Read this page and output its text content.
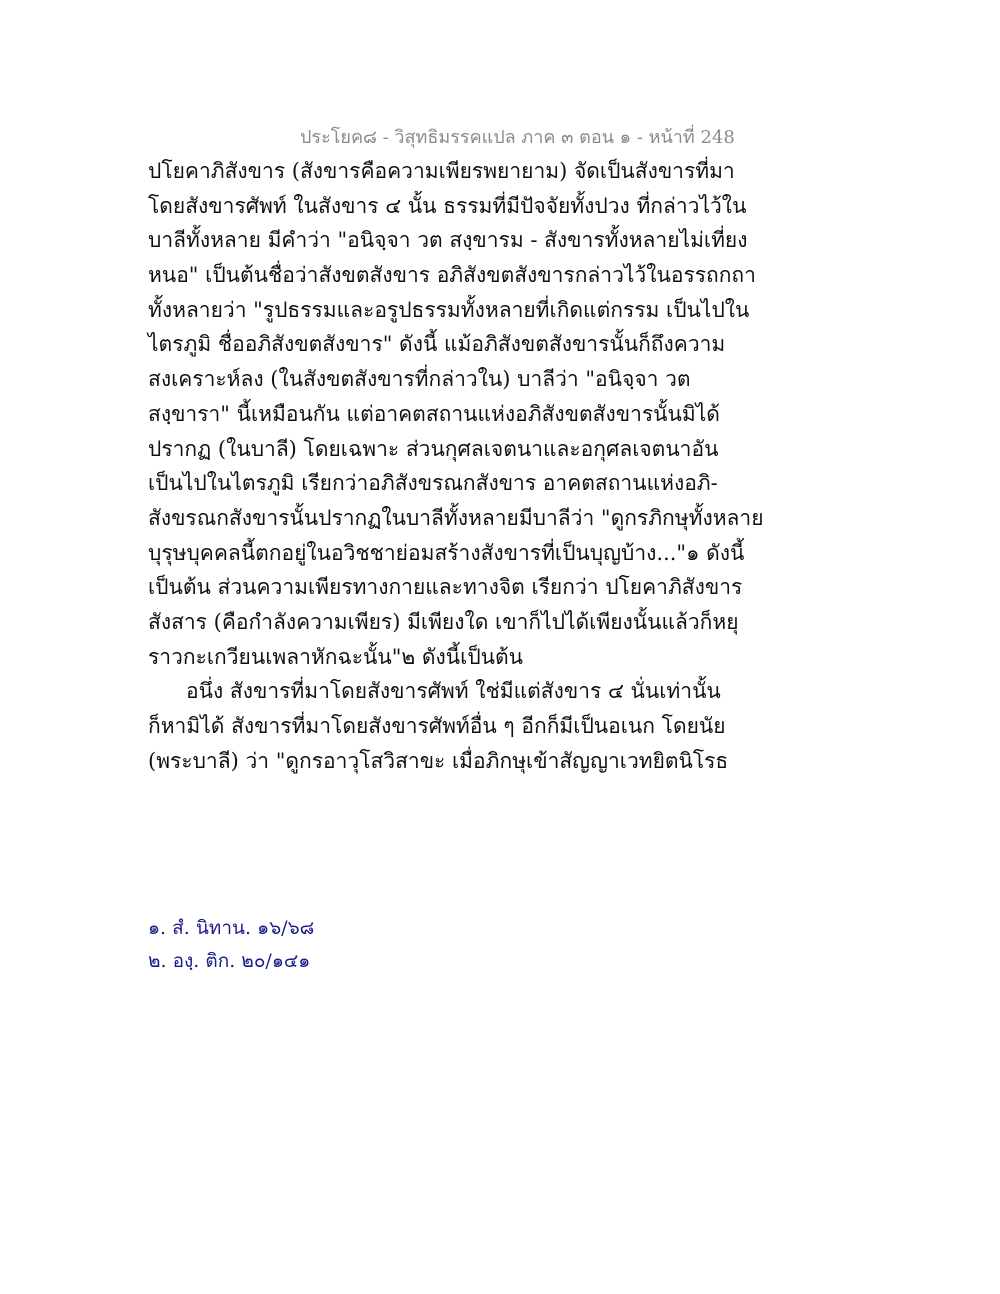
ประโยค๘ - วิสุทธิมรรคแปล ภาค ๓ ตอน ๑ - หน้าที่ 248
ปโยคาภิสังขาร (สังขารคือความเพียรพยายาม) จัดเป็นสังขารที่มา
โดยสังขารศัพท์ ในสังขาร ๔ นั้น ธรรมที่มีปัจจัยทั้งปวง ที่กล่าวไว้ใน
บาลีทั้งหลาย มีคำว่า "อนิจฺจา วต สงฺขารม - สังขารทั้งหลายไม่เที่ยง
หนอ" เป็นต้นชื่อว่าสังขตสังขาร อภิสังขตสังขารกล่าวไว้ในอรรถกถา
ทั้งหลายว่า "รูปธรรมและอรูปธรรมทั้งหลายที่เกิดแต่กรรม เป็นไปใน
ไตรภูมิ ชื่ออภิสังขตสังขาร" ดังนี้ แม้อภิสังขตสังขารนั้นก็ถึงความ
สงเคราะห์ลง (ในสังขตสังขารที่กล่าวใน) บาลีว่า "อนิจฺจา วต
สงฺขารา" นี้เหมือนกัน แต่อาคตสถานแห่งอภิสังขตสังขารนั้นมิได้
ปรากฏ (ในบาลี) โดยเฉพาะ ส่วนกุศลเจตนาและอกุศลเจตนาอัน
เป็นไปในไตรภูมิ เรียกว่าอภิสังขรณกสังขาร อาคตสถานแห่งอภิ-
สังขรณกสังขารนั้นปรากฏในบาลีทั้งหลายมีบาลีว่า "ดูกรภิกษุทั้งหลาย
บุรุษบุคคลนี้ตกอยู่ในอวิชชาย่อมสร้างสังขารที่เป็นบุญบ้าง..."๑ ดังนี้
เป็นต้น ส่วนความเพียรทางกายและทางจิต เรียกว่า ปโยคาภิสังขาร
สังสาร (คือกำลังความเพียร) มีเพียงใด เขาก็ไปได้เพียงนั้นแล้วก็หยุ
ราวกะเกวียนเพลาหักฉะนั้น"๒ ดังนี้เป็นต้น
อนึ่ง สังขารที่มาโดยสังขารศัพท์ ใช่มีแต่สังขาร ๔ นั่นเท่านั้น
ก็หามิได้ สังขารที่มาโดยสังขารศัพท์อื่น ๆ อีกก็มีเป็นอเนก โดยนัย
(พระบาลี) ว่า "ดูกรอาวุโสวิสาขะ เมื่อภิกษุเข้าสัญญาเวทยิตนิโรธ
๑. สํ. นิทาน. ๑๖/๖๘
๒. องฺ. ติก. ๒๐/๑๔๑
